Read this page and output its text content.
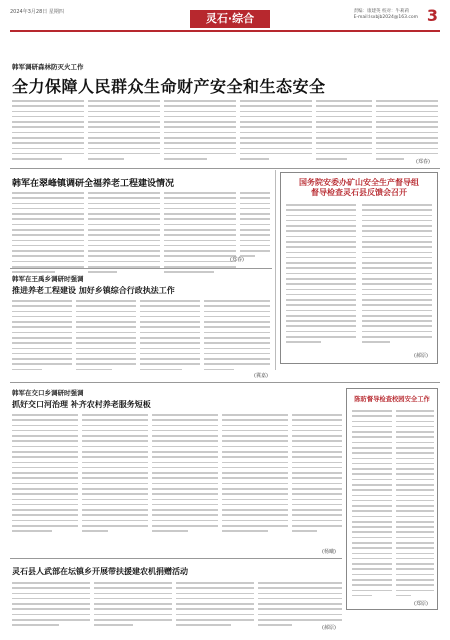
2024年3月28日 星期四	灵石·综合
责编：康建英 校对：牛莉莉
E-mail:lsxbjb2024@163.com 3
韩军调研森林防灭火工作
全力保障人民群众生命财产安全和生态安全
(郑春)
韩军在翠峰镇调研全福养老工程建设情况
(郑春)
国务院安委办矿山安全生产督导组
督导检查灵石县反馈会召开
(郝原)
韩军在王禹乡调研时强调
推进养老工程建设 加好乡镇综合行政执法工作
(冀嘉)
韩军在交口乡调研时强调
抓好交口河治理 补齐农村养老服务短板
(杨曦)
陈昉督导检查校园安全工作
(郑原)
灵石县人武部在坛镇乡开展带扶援建农机捐赠活动
(郝原)
